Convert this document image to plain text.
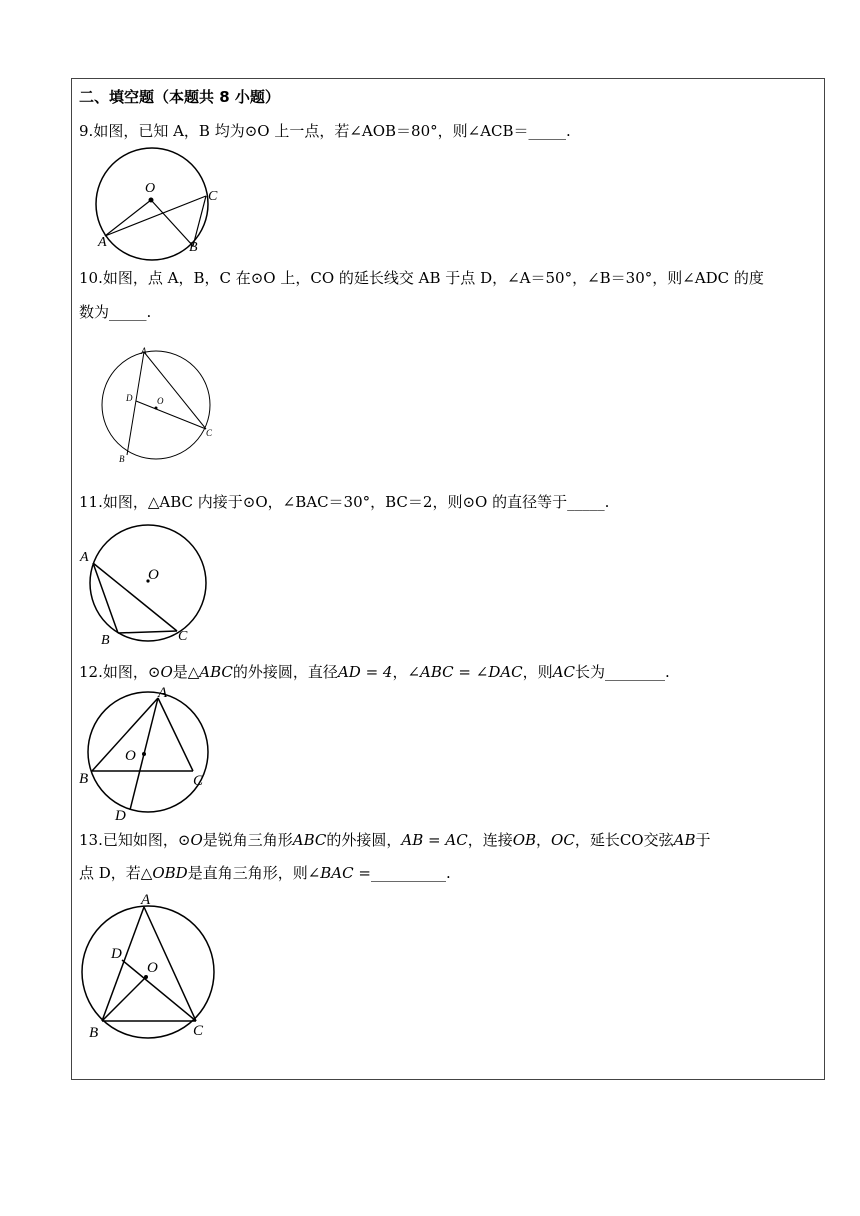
二、填空题（本题共 8 小题）
9.如图，已知 A，B 均为⊙O 上一点，若∠AOB＝80°，则∠ACB＝_____.
O
A	B
C
10.如图，点 A，B，C 在⊙O 上，CO 的延长线交 AB 于点 D，∠A＝50°，∠B＝30°，则∠ADC 的度
数为_____.
A
D	O
C
B
11.如图，△ABC 内接于⊙O，∠BAC＝30°，BC＝2，则⊙O 的直径等于_____.
A
O
B	C
12.如图，⊙O是△ABC的外接圆，直径AD = 4，∠ABC = ∠DAC，则AC长为________.
A
O
B	C
D
13.已知如图，⊙O是锐角三角形ABC的外接圆，AB = AC，连接OB，OC，延长CO交弦AB于
点 D，若△OBD是直角三角形，则∠BAC =__________.
A
D
O
B	C
